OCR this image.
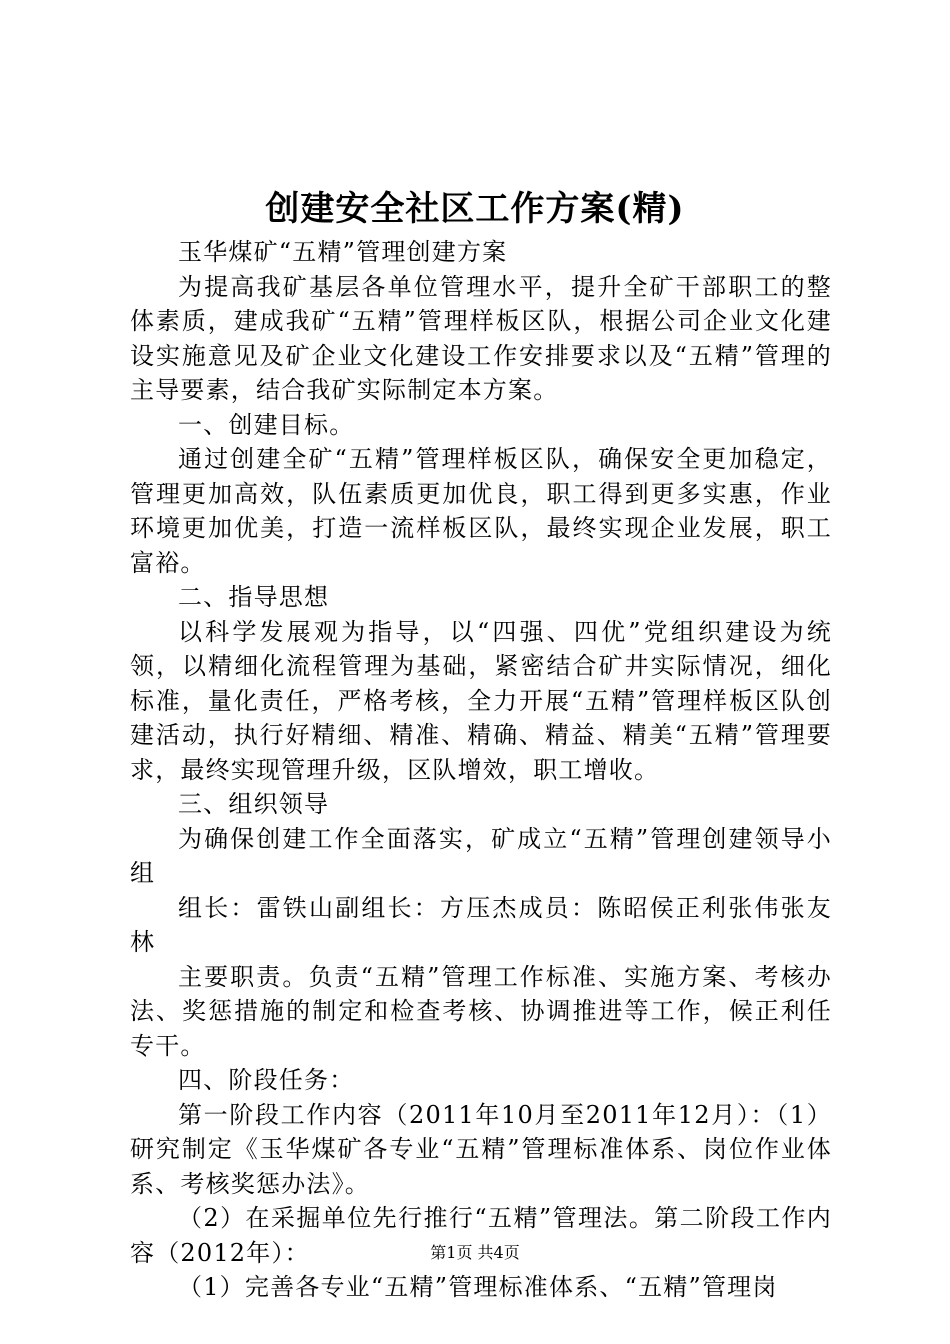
创建安全社区工作方案(精)

玉华煤矿“五精”管理创建方案

为提高我矿基层各单位管理水平，提升全矿干部职工的整体素质，建成我矿“五精”管理样板区队，根据公司企业文化建设实施意见及矿企业文化建设工作安排要求以及“五精”管理的主导要素，结合我矿实际制定本方案。

一、创建目标。

通过创建全矿“五精”管理样板区队，确保安全更加稳定，管理更加高效，队伍素质更加优良，职工得到更多实惠，作业环境更加优美，打造一流样板区队，最终实现企业发展，职工富裕。

二、指导思想

以科学发展观为指导，以“四强、四优”党组织建设为统领，以精细化流程管理为基础，紧密结合矿井实际情况，细化标准，量化责任，严格考核，全力开展“五精”管理样板区队创建活动，执行好精细、精准、精确、精益、精美“五精”管理要求，最终实现管理升级，区队增效，职工增收。

三、组织领导

为确保创建工作全面落实，矿成立“五精”管理创建领导小组

组长：雷铁山副组长：方压杰成员：陈昭侯正利张伟张友林

主要职责。负责“五精”管理工作标准、实施方案、考核办法、奖惩措施的制定和检查考核、协调推进等工作，候正利任专干。

四、阶段任务：

第一阶段工作内容（2011年10月至2011年12月）：（1）研究制定《玉华煤矿各专业“五精”管理标准体系、岗位作业体系、考核奖惩办法》。

（2）在采掘单位先行推行“五精”管理法。第二阶段工作内容（2012年）：

（1）完善各专业“五精”管理标准体系、“五精”管理岗

第1页 共4页
